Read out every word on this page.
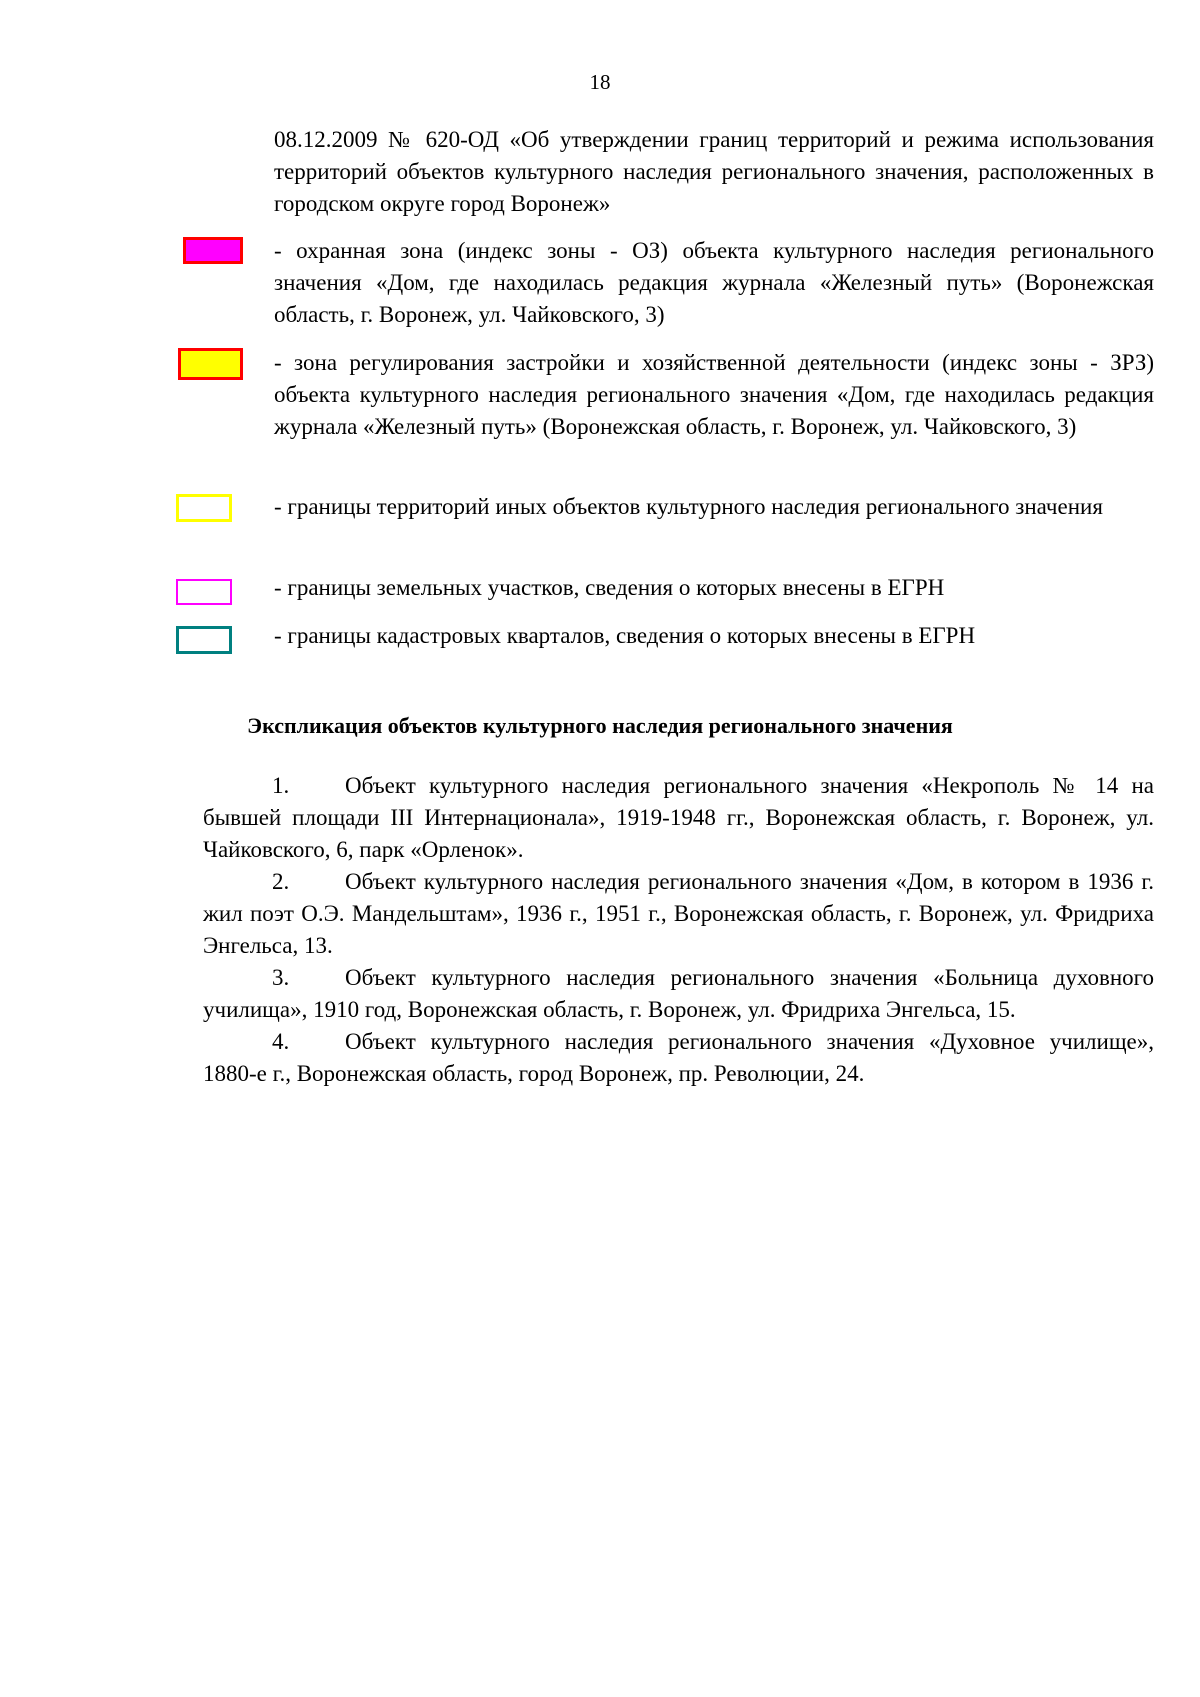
18

08.12.2009 № 620-ОД «Об утверждении границ территорий и режима использования территорий объектов культурного наследия регионального значения, расположенных в городском округе город Воронеж»

- охранная зона (индекс зоны - ОЗ) объекта культурного наследия регионального значения «Дом, где находилась редакция журнала «Железный путь» (Воронежская область, г. Воронеж, ул. Чайковского, 3)

- зона регулирования застройки и хозяйственной деятельности (индекс зоны - ЗРЗ) объекта культурного наследия регионального значения «Дом, где находилась редакция журнала «Железный путь» (Воронежская область, г. Воронеж, ул. Чайковского, 3)

- границы территорий иных объектов культурного наследия регионального значения

- границы земельных участков, сведения о которых внесены в ЕГРН

- границы кадастровых кварталов, сведения о которых внесены в ЕГРН

Экспликация объектов культурного наследия регионального значения

1. Объект культурного наследия регионального значения «Некрополь № 14 на бывшей площади III Интернационала», 1919-1948 гг., Воронежская область, г. Воронеж, ул. Чайковского, 6, парк «Орленок».

2. Объект культурного наследия регионального значения «Дом, в котором в 1936 г. жил поэт О.Э. Мандельштам», 1936 г., 1951 г., Воронежская область, г. Воронеж, ул. Фридриха Энгельса, 13.

3. Объект культурного наследия регионального значения «Больница духовного училища», 1910 год, Воронежская область, г. Воронеж, ул. Фридриха Энгельса, 15.

4. Объект культурного наследия регионального значения «Духовное училище», 1880-е г., Воронежская область, город Воронеж, пр. Революции, 24.
